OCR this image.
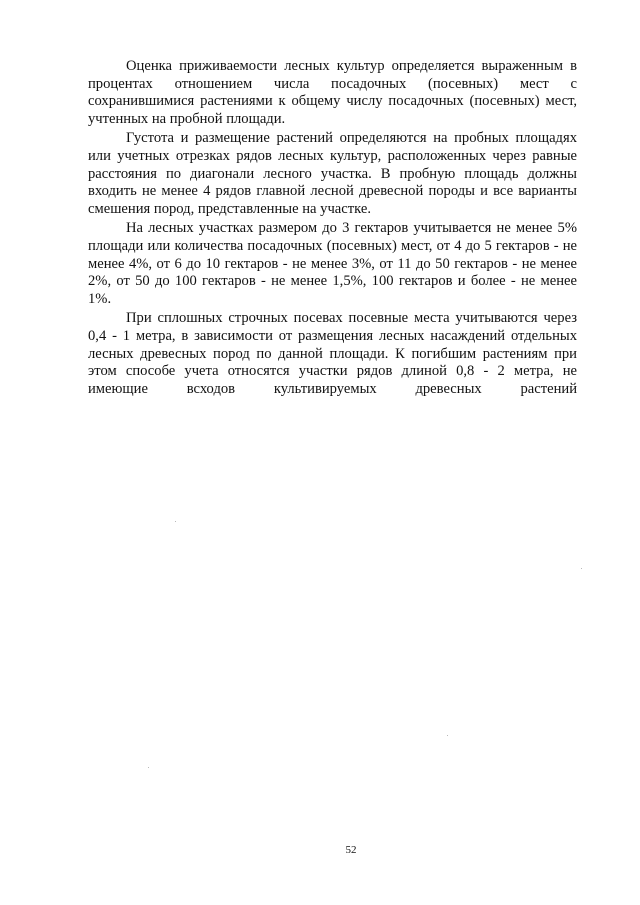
Оценка приживаемости лесных культур определяется выраженным в процентах отношением числа посадочных (посевных) мест с сохранившимися растениями к общему числу посадочных (посевных) мест, учтенных на пробной площади.

Густота и размещение растений определяются на пробных площадях или учетных отрезках рядов лесных культур, расположенных через равные расстояния по диагонали лесного участка. В пробную площадь должны входить не менее 4 рядов главной лесной древесной породы и все варианты смешения пород, представленные на участке.

На лесных участках размером до 3 гектаров учитывается не менее 5% площади или количества посадочных (посевных) мест, от 4 до 5 гектаров - не менее 4%, от 6 до 10 гектаров - не менее 3%, от 11 до 50 гектаров - не менее 2%, от 50 до 100 гектаров - не менее 1,5%, 100 гектаров и более - не менее 1%.

При сплошных строчных посевах посевные места учитываются через 0,4 - 1 метра, в зависимости от размещения лесных насаждений отдельных лесных древесных пород по данной площади. К погибшим растениям при этом способе учета относятся участки рядов длиной 0,8 - 2 метра, не имеющие всходов культивируемых древесных растений

52
